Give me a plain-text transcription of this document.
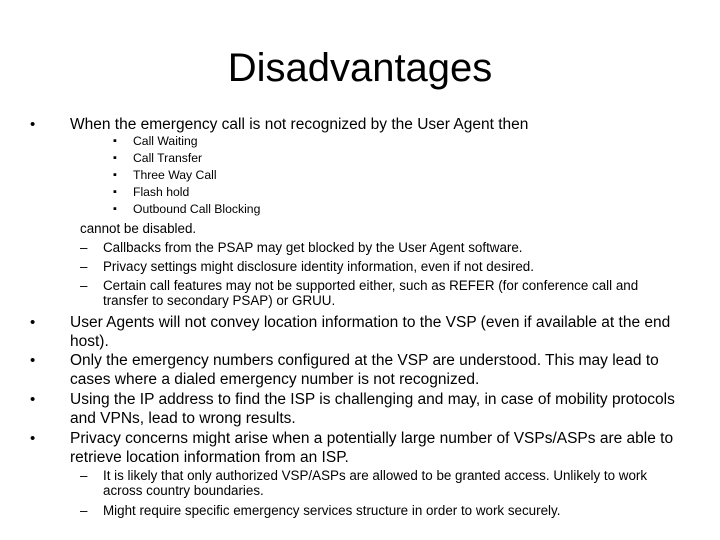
Disadvantages
• When the emergency call is not recognized by the User Agent then
▪ Call Waiting
▪ Call Transfer
▪ Three Way Call
▪ Flash hold
▪ Outbound Call Blocking
cannot be disabled.
– Callbacks from the PSAP may get blocked by the User Agent software.
– Privacy settings might disclosure identity information, even if not desired.
– Certain call features may not be supported either, such as REFER (for conference call and transfer to secondary PSAP) or GRUU.
• User Agents will not convey location information to the VSP (even if available at the end host).
• Only the emergency numbers configured at the VSP are understood. This may lead to cases where a dialed emergency number is not recognized.
• Using the IP address to find the ISP is challenging and may, in case of mobility protocols and VPNs, lead to wrong results.
• Privacy concerns might arise when a potentially large number of VSPs/ASPs are able to retrieve location information from an ISP.
– It is likely that only authorized VSP/ASPs are allowed to be granted access. Unlikely to work across country boundaries.
– Might require specific emergency services structure in order to work securely.
